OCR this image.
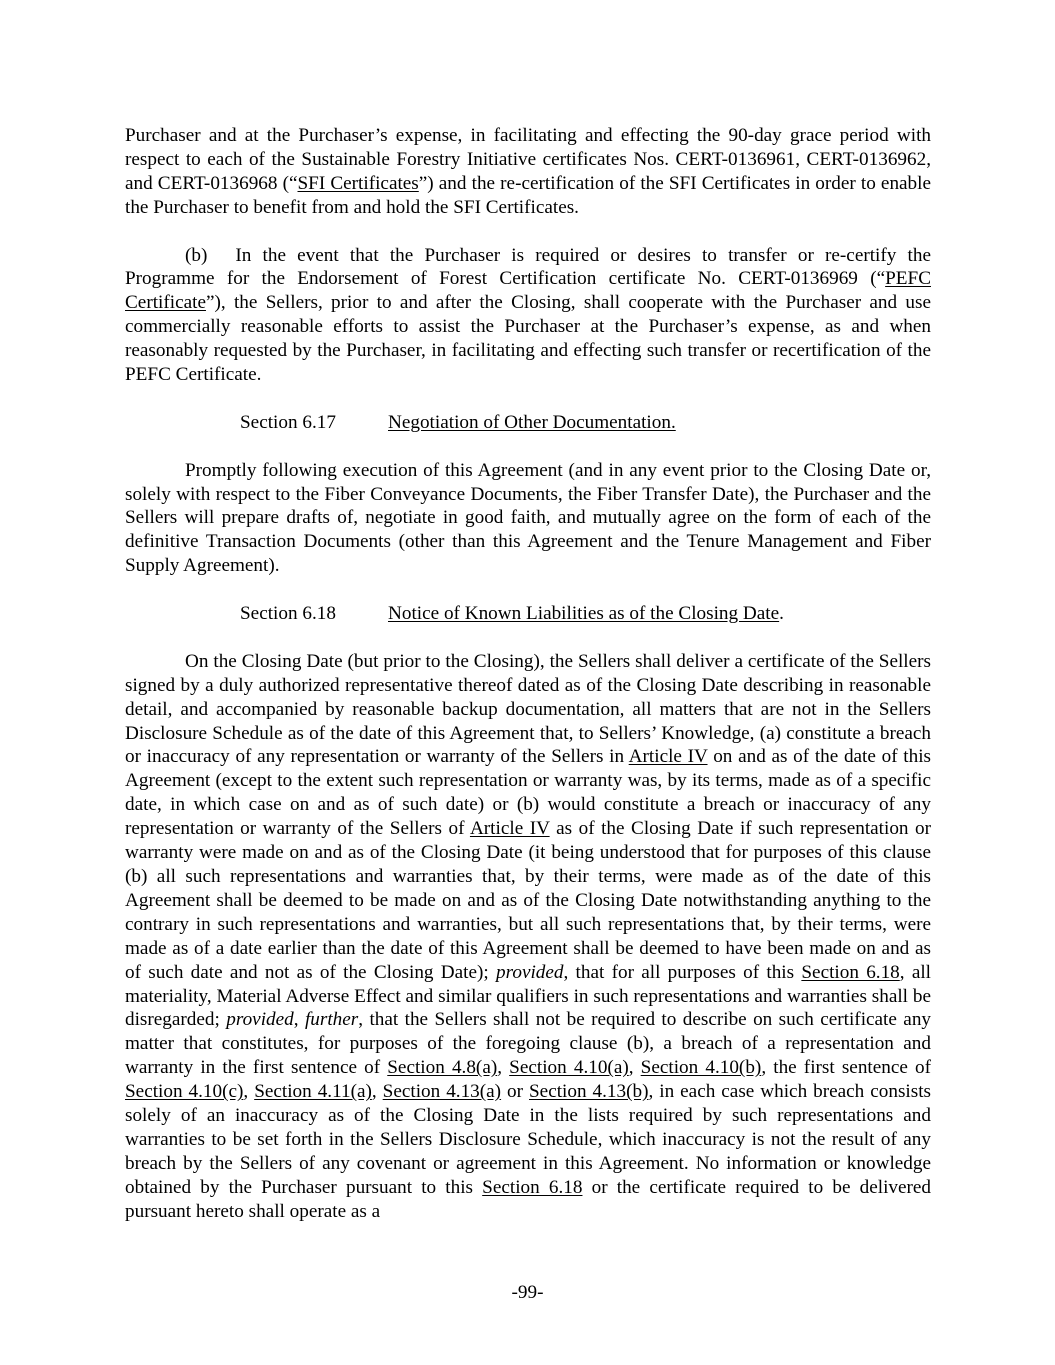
Purchaser and at the Purchaser’s expense, in facilitating and effecting the 90-day grace period with respect to each of the Sustainable Forestry Initiative certificates Nos. CERT-0136961, CERT-0136962, and CERT-0136968 (“SFI Certificates”) and the re-certification of the SFI Certificates in order to enable the Purchaser to benefit from and hold the SFI Certificates.

(b) In the event that the Purchaser is required or desires to transfer or re-certify the Programme for the Endorsement of Forest Certification certificate No. CERT-0136969 (“PEFC Certificate”), the Sellers, prior to and after the Closing, shall cooperate with the Purchaser and use commercially reasonable efforts to assist the Purchaser at the Purchaser’s expense, as and when reasonably requested by the Purchaser, in facilitating and effecting such transfer or recertification of the PEFC Certificate.

Section 6.17	Negotiation of Other Documentation.

Promptly following execution of this Agreement (and in any event prior to the Closing Date or, solely with respect to the Fiber Conveyance Documents, the Fiber Transfer Date), the Purchaser and the Sellers will prepare drafts of, negotiate in good faith, and mutually agree on the form of each of the definitive Transaction Documents (other than this Agreement and the Tenure Management and Fiber Supply Agreement).

Section 6.18	Notice of Known Liabilities as of the Closing Date.

On the Closing Date (but prior to the Closing), the Sellers shall deliver a certificate of the Sellers signed by a duly authorized representative thereof dated as of the Closing Date describing in reasonable detail, and accompanied by reasonable backup documentation, all matters that are not in the Sellers Disclosure Schedule as of the date of this Agreement that, to Sellers’ Knowledge, (a) constitute a breach or inaccuracy of any representation or warranty of the Sellers in Article IV on and as of the date of this Agreement (except to the extent such representation or warranty was, by its terms, made as of a specific date, in which case on and as of such date) or (b) would constitute a breach or inaccuracy of any representation or warranty of the Sellers of Article IV as of the Closing Date if such representation or warranty were made on and as of the Closing Date (it being understood that for purposes of this clause (b) all such representations and warranties that, by their terms, were made as of the date of this Agreement shall be deemed to be made on and as of the Closing Date notwithstanding anything to the contrary in such representations and warranties, but all such representations that, by their terms, were made as of a date earlier than the date of this Agreement shall be deemed to have been made on and as of such date and not as of the Closing Date); provided, that for all purposes of this Section 6.18, all materiality, Material Adverse Effect and similar qualifiers in such representations and warranties shall be disregarded; provided, further, that the Sellers shall not be required to describe on such certificate any matter that constitutes, for purposes of the foregoing clause (b), a breach of a representation and warranty in the first sentence of Section 4.8(a), Section 4.10(a), Section 4.10(b), the first sentence of Section 4.10(c), Section 4.11(a), Section 4.13(a) or Section 4.13(b), in each case which breach consists solely of an inaccuracy as of the Closing Date in the lists required by such representations and warranties to be set forth in the Sellers Disclosure Schedule, which inaccuracy is not the result of any breach by the Sellers of any covenant or agreement in this Agreement. No information or knowledge obtained by the Purchaser pursuant to this Section 6.18 or the certificate required to be delivered pursuant hereto shall operate as a

-99-
